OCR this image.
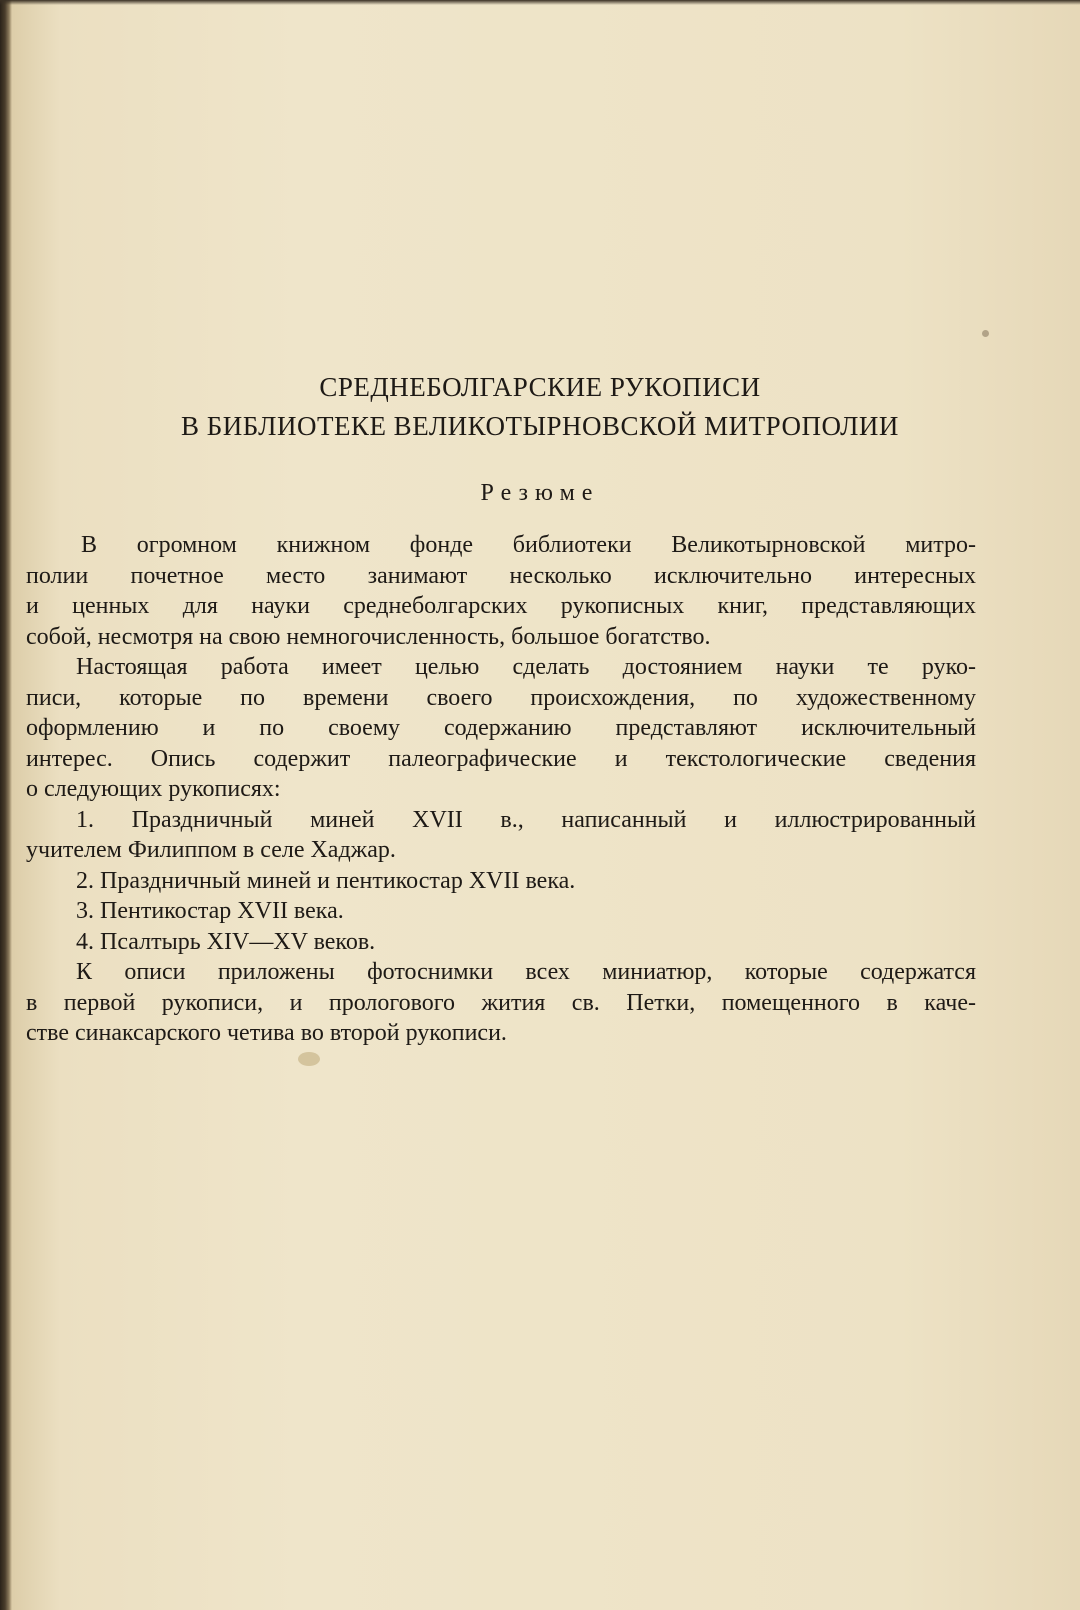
СРЕДНЕБОЛГАРСКИЕ РУКОПИСИ
В БИБЛИОТЕКЕ ВЕЛИКОТЫРНОВСКОЙ МИТРОПОЛИИ
Резюме
В огромном книжном фонде библиотеки Великотырновской митро-
полии почетное место занимают несколько исключительно интересных
и ценных для науки среднеболгарских рукописных книг, представляющих
собой, несмотря на свою немногочисленность, большое богатство.
Настоящая работа имеет целью сделать достоянием науки те руко-
писи, которые по времени своего происхождения, по художественному
оформлению и по своему содержанию представляют исключительный
интерес. Опись содержит палеографические и текстологические сведения
о следующих рукописях:
1. Праздничный миней XVII в., написанный и иллюстрированный
учителем Филиппом в селе Хаджар.
2. Праздничный миней и пентикостар XVII века.
3. Пентикостар XVII века.
4. Псалтырь XIV—XV веков.
К описи приложены фотоснимки всех миниатюр, которые содержатся
в первой рукописи, и прологового жития св. Петки, помещенного в каче-
стве синаксарского четива во второй рукописи.
